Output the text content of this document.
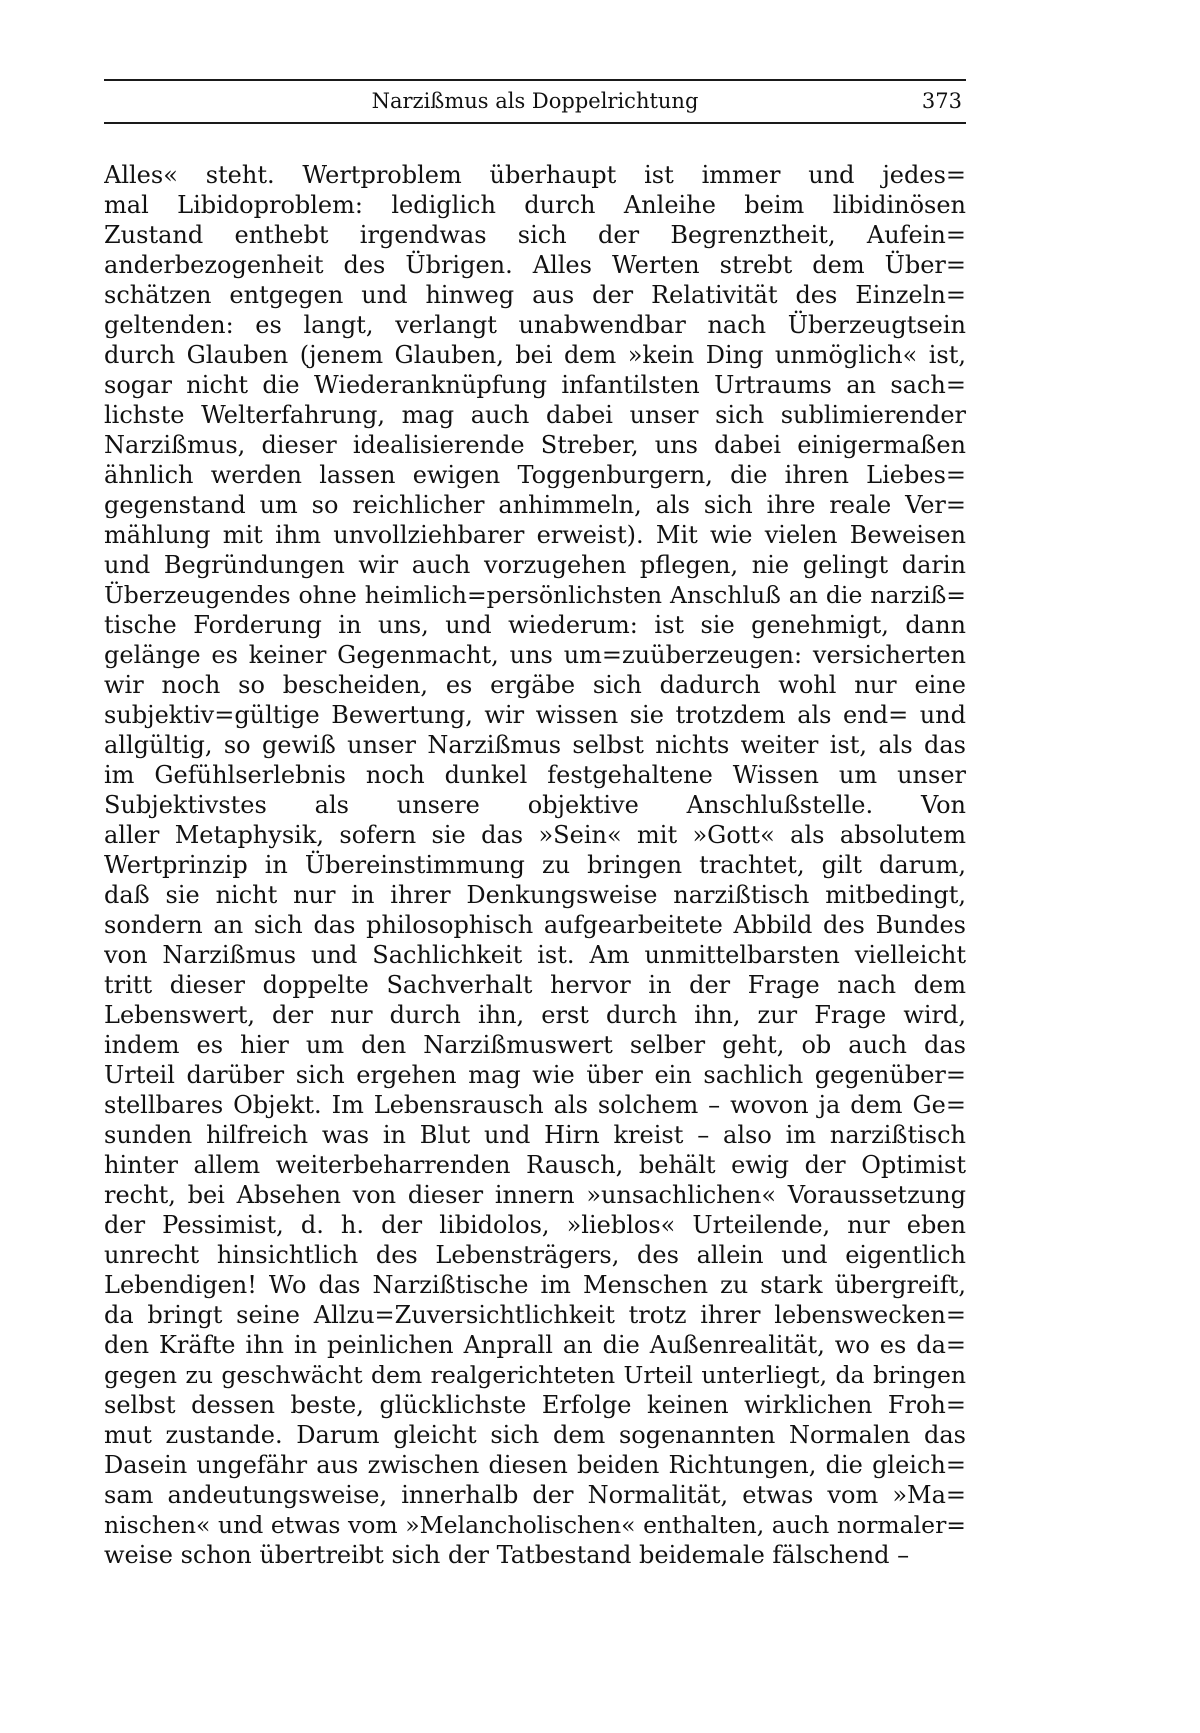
Narzißmus als Doppelrichtung	373
Alles« steht. Wertproblem überhaupt ist immer und jedes=
mal Libidoproblem: lediglich durch Anleihe beim libidinösen
Zustand enthebt irgendwas sich der Begrenztheit, Aufein=
anderbezogenheit des Übrigen. Alles Werten strebt dem Über=
schätzen entgegen und hinweg aus der Relativität des Einzeln=
geltenden: es langt, verlangt unabwendbar nach Überzeugtsein
durch Glauben (jenem Glauben, bei dem »kein Ding unmöglich« ist,
sogar nicht die Wiederanknüpfung infantilsten Urtraums an sach=
lichste Welterfahrung, mag auch dabei unser sich sublimierender
Narzißmus, dieser idealisierende Streber, uns dabei einigermaßen
ähnlich werden lassen ewigen Toggenburgern, die ihren Liebes=
gegenstand um so reichlicher anhimmeln, als sich ihre reale Ver=
mählung mit ihm unvollziehbarer erweist). Mit wie vielen Beweisen
und Begründungen wir auch vorzugehen pflegen, nie gelingt darin
Überzeugendes ohne heimlich=persönlichsten Anschluß an die narziß=
tische Forderung in uns, und wiederum: ist sie genehmigt, dann
gelänge es keiner Gegenmacht, uns um=zuüberzeugen: versicherten
wir noch so bescheiden, es ergäbe sich dadurch wohl nur eine
subjektiv=gültige Bewertung, wir wissen sie trotzdem als end= und
allgültig, so gewiß unser Narzißmus selbst nichts weiter ist, als das
im Gefühlserlebnis noch dunkel festgehaltene Wissen um unser
Subjektivstes als unsere objektive Anschlußstelle. Von
aller Metaphysik, sofern sie das »Sein« mit »Gott« als absolutem
Wertprinzip in Übereinstimmung zu bringen trachtet, gilt darum,
daß sie nicht nur in ihrer Denkungsweise narzißtisch mitbedingt,
sondern an sich das philosophisch aufgearbeitete Abbild des Bundes
von Narzißmus und Sachlichkeit ist. Am unmittelbarsten vielleicht
tritt dieser doppelte Sachverhalt hervor in der Frage nach dem
Lebenswert, der nur durch ihn, erst durch ihn, zur Frage wird,
indem es hier um den Narzißmuswert selber geht, ob auch das
Urteil darüber sich ergehen mag wie über ein sachlich gegenüber=
stellbares Objekt. Im Lebensrausch als solchem – wovon ja dem Ge=
sunden hilfreich was in Blut und Hirn kreist – also im narzißtisch
hinter allem weiterbeharrenden Rausch, behält ewig der Optimist
recht, bei Absehen von dieser innern »unsachlichen« Voraussetzung
der Pessimist, d. h. der libidolos, »lieblos« Urteilende, nur eben
unrecht hinsichtlich des Lebensträgers, des allein und eigentlich
Lebendigen! Wo das Narzißtische im Menschen zu stark übergreift,
da bringt seine Allzu=Zuversichtlichkeit trotz ihrer lebenswecken=
den Kräfte ihn in peinlichen Anprall an die Außenrealität, wo es da=
gegen zu geschwächt dem realgerichteten Urteil unterliegt, da bringen
selbst dessen beste, glücklichste Erfolge keinen wirklichen Froh=
mut zustande. Darum gleicht sich dem sogenannten Normalen das
Dasein ungefähr aus zwischen diesen beiden Richtungen, die gleich=
sam andeutungsweise, innerhalb der Normalität, etwas vom »Ma=
nischen« und etwas vom »Melancholischen« enthalten, auch normaler=
weise schon übertreibt sich der Tatbestand beidemale fälschend –
